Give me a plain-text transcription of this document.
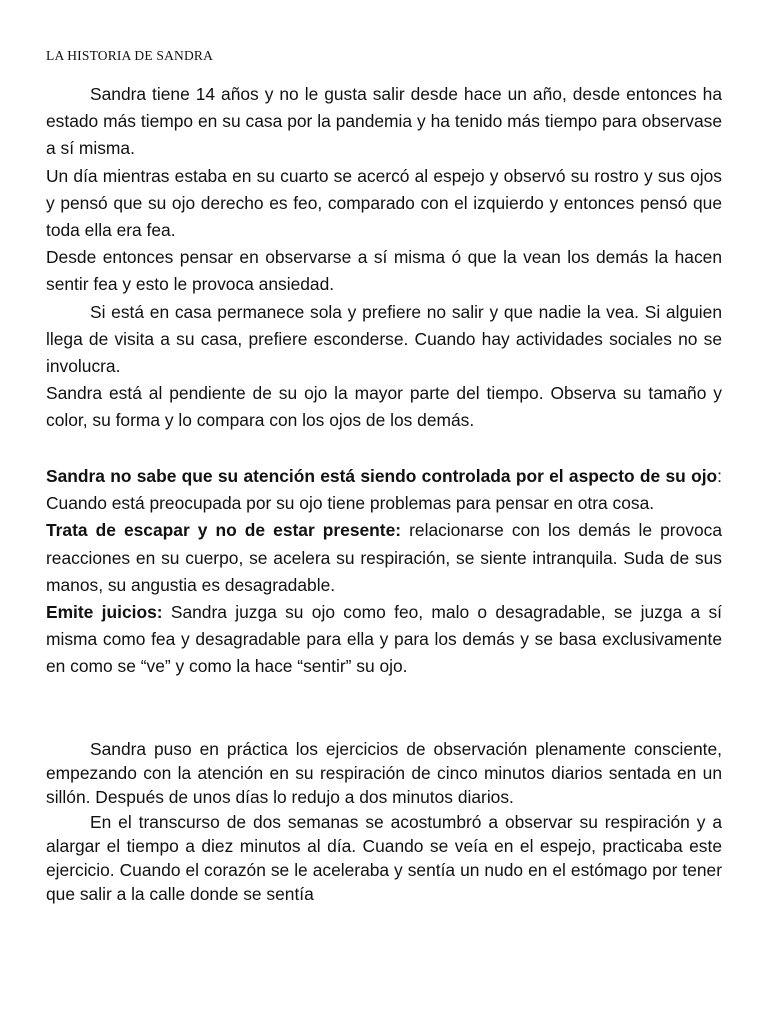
LA HISTORIA DE SANDRA

Sandra tiene 14 años y no le gusta salir desde hace un año, desde entonces ha estado más tiempo en su casa por la pandemia y ha tenido más tiempo para observase a sí misma.

Un día mientras estaba en su cuarto se acercó al espejo y observó su rostro y sus ojos y pensó que su ojo derecho es feo, comparado con el izquierdo y entonces pensó que toda ella era fea.

Desde entonces pensar en observarse a sí misma ó que la vean los demás la hacen sentir fea y esto le provoca ansiedad.

Si está en casa permanece sola y prefiere no salir y que nadie la vea. Si alguien llega de visita a su casa, prefiere esconderse. Cuando hay actividades sociales no se involucra.

Sandra está al pendiente de su ojo la mayor parte del tiempo. Observa su tamaño y color, su forma y lo compara con los ojos de los demás.

Sandra no sabe que su atención está siendo controlada por el aspecto de su ojo: Cuando está preocupada por su ojo tiene problemas para pensar en otra cosa.

Trata de escapar y no de estar presente: relacionarse con los demás le provoca reacciones en su cuerpo, se acelera su respiración, se siente intranquila. Suda de sus manos, su angustia es desagradable.

Emite juicios: Sandra juzga su ojo como feo, malo o desagradable, se juzga a sí misma como fea y desagradable para ella y para los demás y se basa exclusivamente en como se “ve” y como la hace “sentir” su ojo.

Sandra puso en práctica los ejercicios de observación plenamente consciente, empezando con la atención en su respiración de cinco minutos diarios sentada en un sillón. Después de unos días lo redujo a dos minutos diarios.

En el transcurso de dos semanas se acostumbró a observar su respiración y a alargar el tiempo a diez minutos al día. Cuando se veía en el espejo, practicaba este ejercicio. Cuando el corazón se le aceleraba y sentía un nudo en el estómago por tener que salir a la calle donde se sentía
